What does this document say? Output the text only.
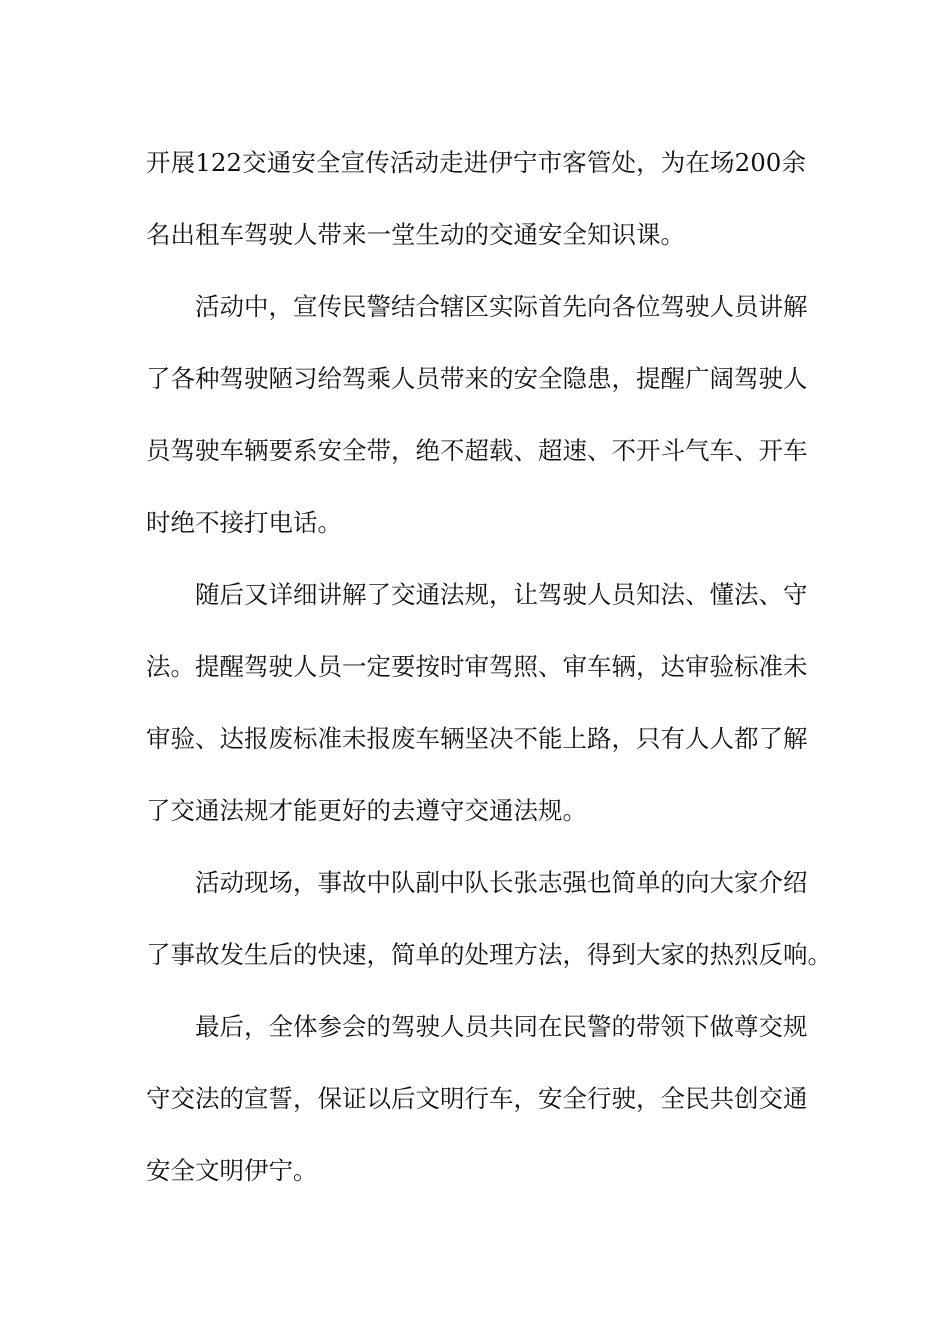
开展122交通安全宣传活动走进伊宁市客管处，为在场200余
名出租车驾驶人带来一堂生动的交通安全知识课。
活动中，宣传民警结合辖区实际首先向各位驾驶人员讲解
了各种驾驶陋习给驾乘人员带来的安全隐患，提醒广阔驾驶人
员驾驶车辆要系安全带，绝不超载、超速、不开斗气车、开车
时绝不接打电话。
随后又详细讲解了交通法规，让驾驶人员知法、懂法、守
法。提醒驾驶人员一定要按时审驾照、审车辆，达审验标准未
审验、达报废标准未报废车辆坚决不能上路，只有人人都了解
了交通法规才能更好的去遵守交通法规。
活动现场，事故中队副中队长张志强也简单的向大家介绍
了事故发生后的快速，简单的处理方法，得到大家的热烈反响。
最后，全体参会的驾驶人员共同在民警的带领下做尊交规
守交法的宣誓，保证以后文明行车，安全行驶，全民共创交通
安全文明伊宁。
